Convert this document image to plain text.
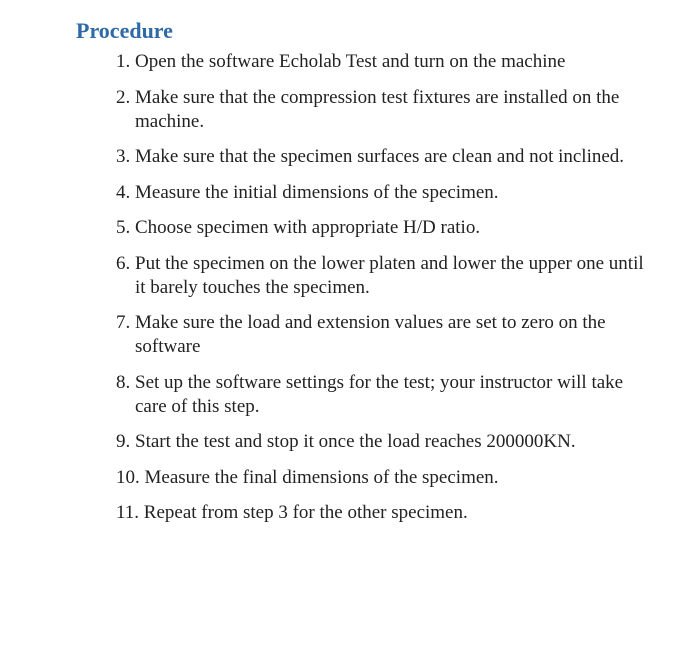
Procedure
1.
Open the software Echolab Test and turn on the machine
2.
Make sure that the compression test fixtures are installed on the machine.
3.
Make sure that the specimen surfaces are clean and not inclined.
4.
Measure the initial dimensions of the specimen.
5.
Choose specimen with appropriate H/D ratio.
6.
Put the specimen on the lower platen and lower the upper one until it barely touches the specimen.
7.
Make sure the load and extension values are set to zero on the software
8.
Set up the software settings for the test; your instructor will take care of this step.
9.
Start the test and stop it once the load reaches 200000KN.
10.
Measure the final dimensions of the specimen.
11.
Repeat from step 3 for the other specimen.
